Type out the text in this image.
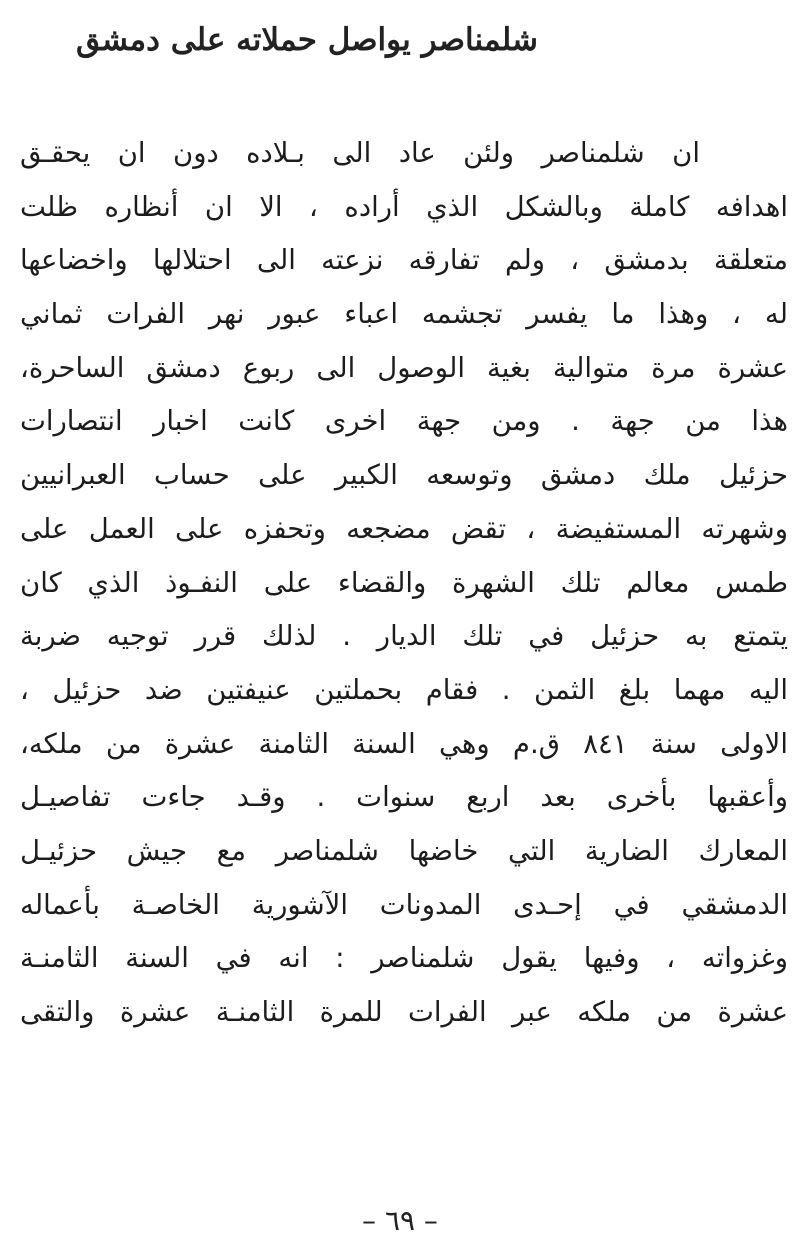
شلمناصر يواصل حملاته على دمشق
ان شلمناصر ولئن عاد الى بـلاده دون ان يحقـق
اهدافه كاملة وبالشكل الذي أراده ، الا ان أنظاره ظلت
متعلقة بدمشق ، ولم تفارقه نزعته الى احتلالها واخضاعها
له ، وهذا ما يفسر تجشمه اعباء عبور نهر الفرات ثماني
عشرة مرة متوالية بغية الوصول الى ربوع دمشق الساحرة،
هذا من جهة . ومن جهة اخرى كانت اخبار انتصارات
حزئيل ملك دمشق وتوسعه الكبير على حساب العبرانيين
وشهرته المستفيضة ، تقض مضجعه وتحفزه على العمل على
طمس معالم تلك الشهرة والقضاء على النفـوذ الذي كان
يتمتع به حزئيل في تلك الديار . لذلك قرر توجيه ضربة
اليه مهما بلغ الثمن . فقام بحملتين عنيفتين ضد حزئيل ،
الاولى سنة ٨٤١ ق.م وهي السنة الثامنة عشرة من ملكه،
وأعقبها بأخرى بعد اربع سنوات . وقـد جاءت تفاصيـل
المعارك الضارية التي خاضها شلمناصر مع جيش حزئيـل
الدمشقي في إحـدى المدونات الآشورية الخاصـة بأعماله
وغزواته ، وفيها يقول شلمناصر : انه في السنة الثامنـة
عشرة من ملكه عبر الفرات للمرة الثامنـة عشرة والتقى
– ٦٩ –
